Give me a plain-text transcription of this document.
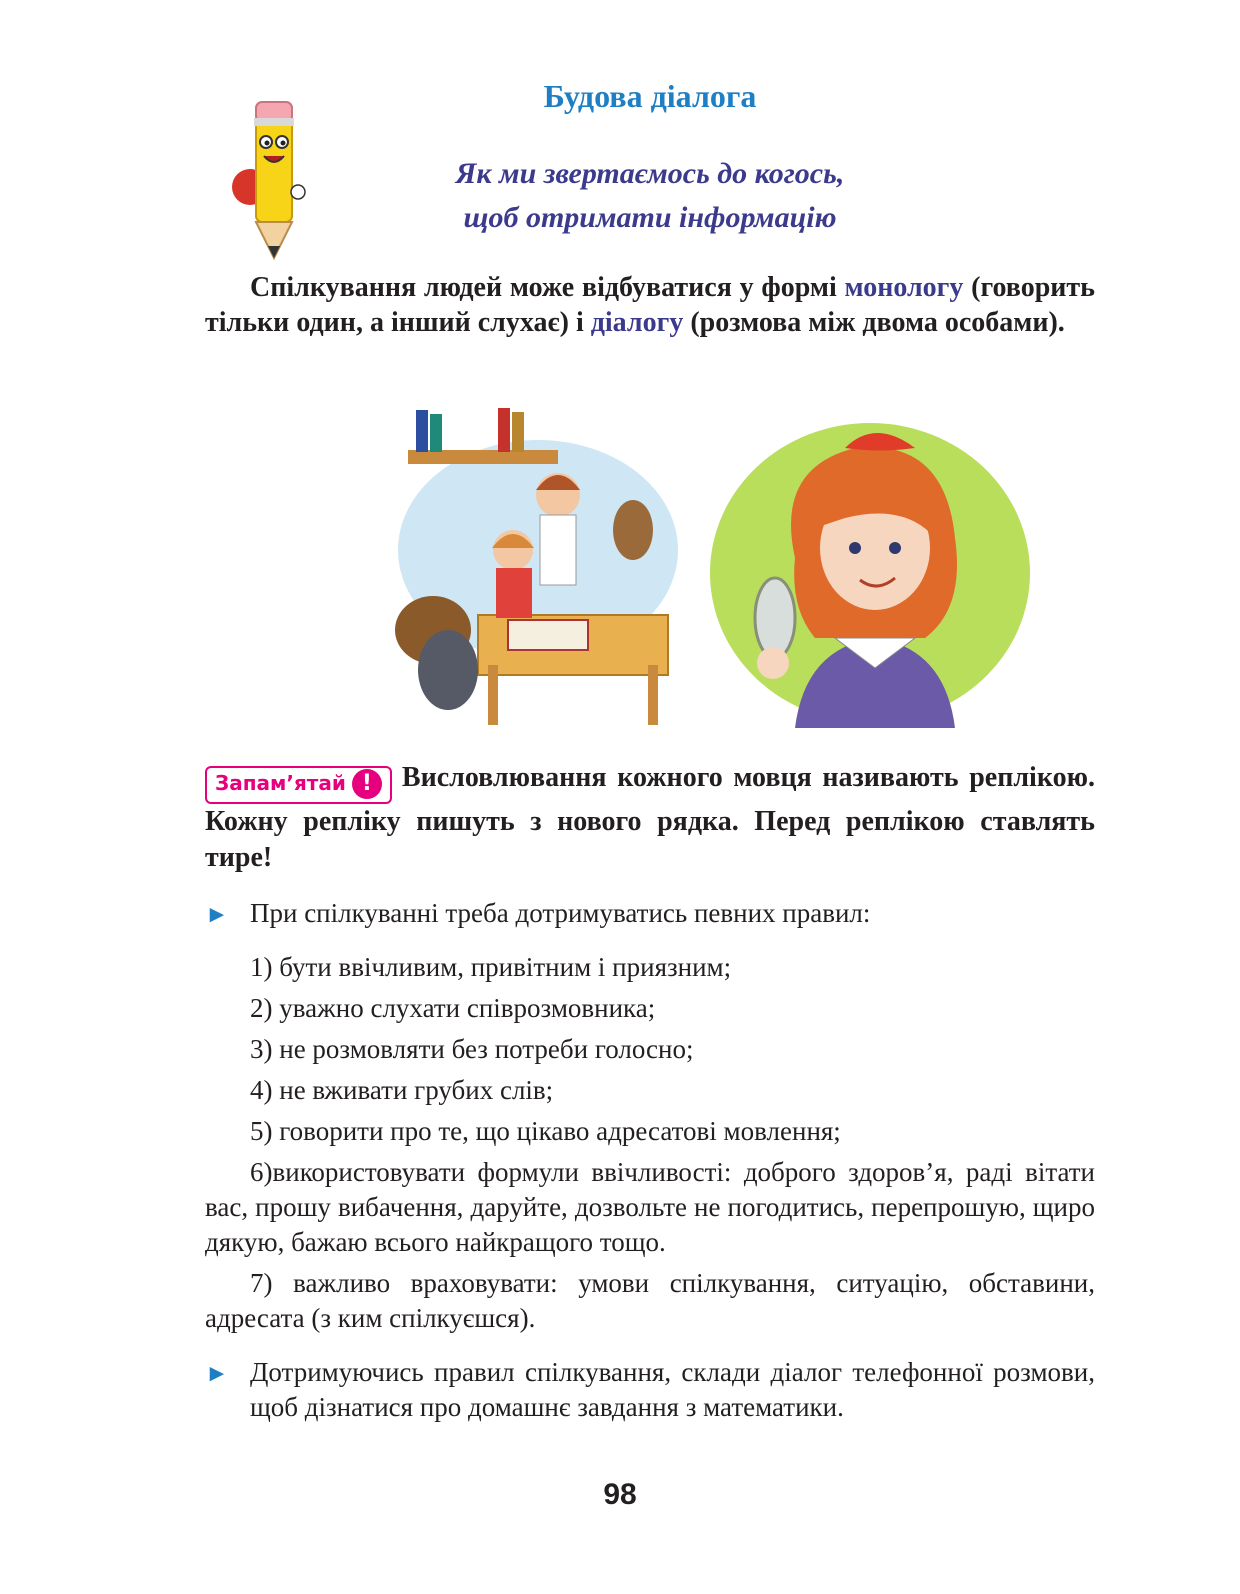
Будова діалога
Як ми звертаємось до когось,
щоб отримати інформацію
Спілкування людей може відбуватися у формі монологу (говорить тільки один, а інший слухає) і діалогу (розмова між двома особами).
Запам’ятай ! Висловлювання кожного мовця називають реплікою. Кожну репліку пишуть з нового рядка. Перед реплікою ставлять тире!
► При спілкуванні треба дотримуватись певних правил:
1) бути ввічливим, привітним і приязним;
2) уважно слухати співрозмовника;
3) не розмовляти без потреби голосно;
4) не вживати грубих слів;
5) говорити про те, що цікаво адресатові мовлення;
6)використовувати формули ввічливості: доброго здоров’я, раді вітати вас, прошу вибачення, даруйте, дозвольте не погодитись, перепрошую, щиро дякую, бажаю всього найкращого тощо.
7) важливо враховувати: умови спілкування, ситуацію, обставини, адресата (з ким спілкуєшся).
► Дотримуючись правил спілкування, склади діалог телефонної розмови, щоб дізнатися про домашнє завдання з математики.
98
